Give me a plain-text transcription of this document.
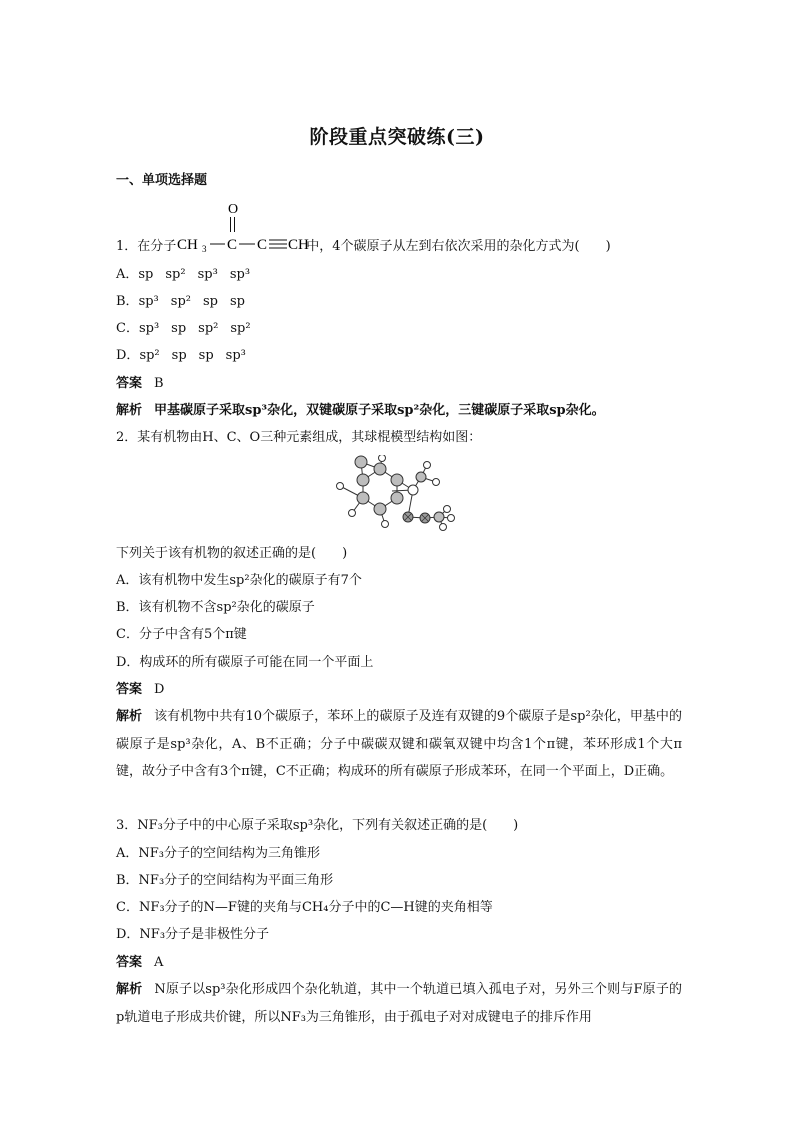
阶段重点突破练(三)
一、单项选择题
1．在分子	中，4个碳原子从左到右依次采用的杂化方式为(　　)
O
CH 3 C C CH
A．sp sp² sp³ sp³
B．sp³ sp² sp sp
C．sp³ sp sp² sp²
D．sp² sp sp sp³
答案 B
解析 甲基碳原子采取sp³杂化，双键碳原子采取sp²杂化，三键碳原子采取sp杂化。
2．某有机物由H、C、O三种元素组成，其球棍模型结构如图：
下列关于该有机物的叙述正确的是(　　)
A．该有机物中发生sp²杂化的碳原子有7个
B．该有机物不含sp²杂化的碳原子
C．分子中含有5个π键
D．构成环的所有碳原子可能在同一个平面上
答案 D
解析 该有机物中共有10个碳原子，苯环上的碳原子及连有双键的9个碳原子是sp²杂化，甲基中的碳原子是sp³杂化，A、B不正确；分子中碳碳双键和碳氧双键中均含1个π键，苯环形成1个大π键，故分子中含有3个π键，C不正确；构成环的所有碳原子形成苯环，在同一个平面上，D正确。
3．NF₃分子中的中心原子采取sp³杂化，下列有关叙述正确的是(　　)
A．NF₃分子的空间结构为三角锥形
B．NF₃分子的空间结构为平面三角形
C．NF₃分子的N—F键的夹角与CH₄分子中的C—H键的夹角相等
D．NF₃分子是非极性分子
答案 A
解析 N原子以sp³杂化形成四个杂化轨道，其中一个轨道已填入孤电子对，另外三个则与F原子的p轨道电子形成共价键，所以NF₃为三角锥形，由于孤电子对对成键电子的排斥作用
